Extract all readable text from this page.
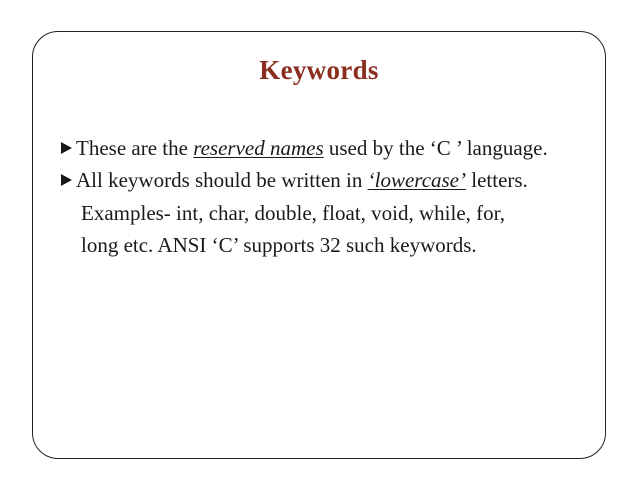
Keywords
These are the reserved names used by the ‘C ’ language.
All keywords should be written in ‘lowercase’ letters.
Examples- int, char, double, float, void, while, for,
long etc. ANSI ‘C’ supports 32 such keywords.
